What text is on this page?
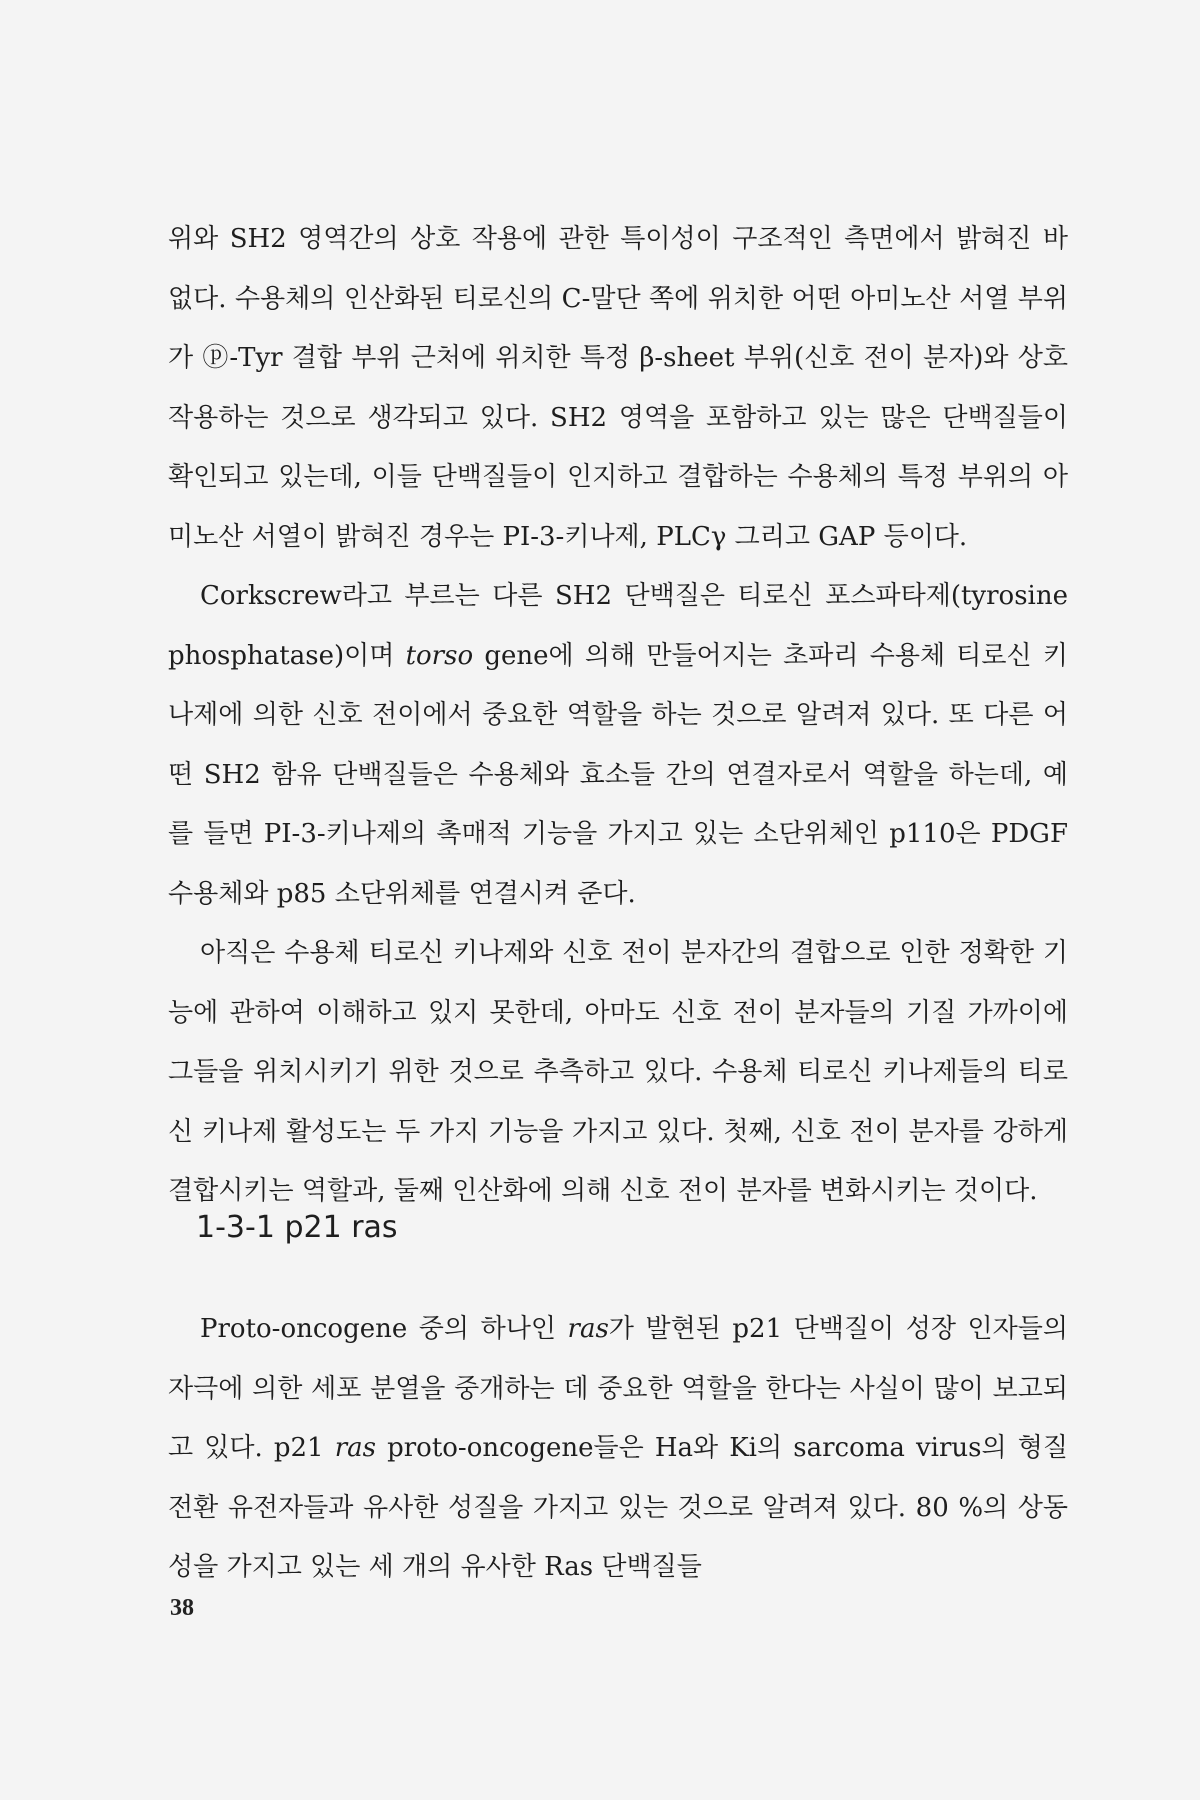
위와 SH2 영역간의 상호 작용에 관한 특이성이 구조적인 측면에서 밝혀진 바 없다. 수용체의 인산화된 티로신의 C-말단 쪽에 위치한 어떤 아미노산 서열 부위가 ⓟ-Tyr 결합 부위 근처에 위치한 특정 β-sheet 부위(신호 전이 분자)와 상호 작용하는 것으로 생각되고 있다. SH2 영역을 포함하고 있는 많은 단백질들이 확인되고 있는데, 이들 단백질들이 인지하고 결합하는 수용체의 특정 부위의 아미노산 서열이 밝혀진 경우는 PI-3-키나제, PLCγ 그리고 GAP 등이다.

Corkscrew라고 부르는 다른 SH2 단백질은 티로신 포스파타제(tyrosine phosphatase)이며 torso gene에 의해 만들어지는 초파리 수용체 티로신 키나제에 의한 신호 전이에서 중요한 역할을 하는 것으로 알려져 있다. 또 다른 어떤 SH2 함유 단백질들은 수용체와 효소들 간의 연결자로서 역할을 하는데, 예를 들면 PI-3-키나제의 촉매적 기능을 가지고 있는 소단위체인 p110은 PDGF 수용체와 p85 소단위체를 연결시켜 준다.

아직은 수용체 티로신 키나제와 신호 전이 분자간의 결합으로 인한 정확한 기능에 관하여 이해하고 있지 못한데, 아마도 신호 전이 분자들의 기질 가까이에 그들을 위치시키기 위한 것으로 추측하고 있다. 수용체 티로신 키나제들의 티로신 키나제 활성도는 두 가지 기능을 가지고 있다. 첫째, 신호 전이 분자를 강하게 결합시키는 역할과, 둘째 인산화에 의해 신호 전이 분자를 변화시키는 것이다.

1-3-1 p21 ras

Proto-oncogene 중의 하나인 ras가 발현된 p21 단백질이 성장 인자들의 자극에 의한 세포 분열을 중개하는 데 중요한 역할을 한다는 사실이 많이 보고되고 있다. p21 ras proto-oncogene들은 Ha와 Ki의 sarcoma virus의 형질 전환 유전자들과 유사한 성질을 가지고 있는 것으로 알려져 있다. 80 %의 상동성을 가지고 있는 세 개의 유사한 Ras 단백질들

38
